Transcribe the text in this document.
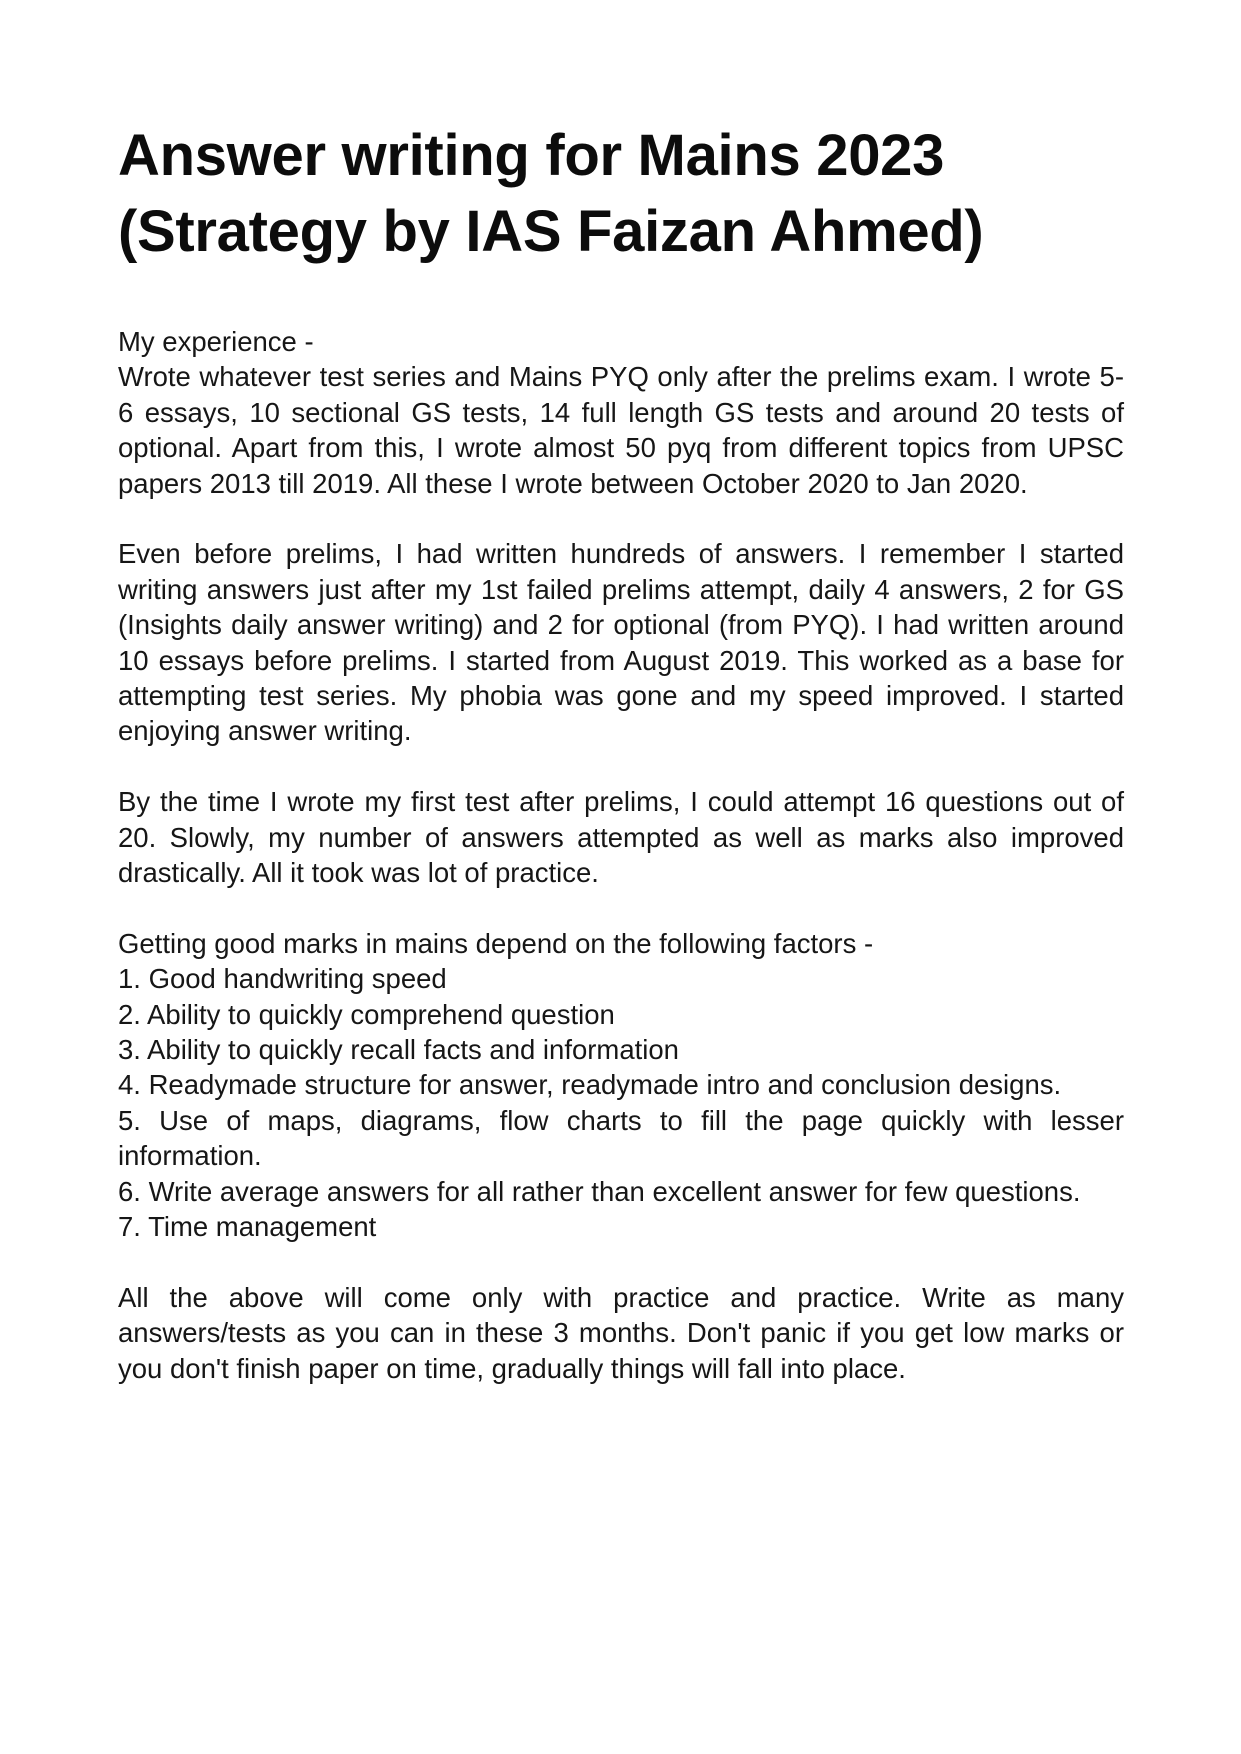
Answer writing for Mains 2023
(Strategy by IAS Faizan Ahmed)

My experience -

Wrote whatever test series and Mains PYQ only after the prelims exam. I wrote 5-6 essays, 10 sectional GS tests, 14 full length GS tests and around 20 tests of optional. Apart from this, I wrote almost 50 pyq from different topics from UPSC papers 2013 till 2019. All these I wrote between October 2020 to Jan 2020.

Even before prelims, I had written hundreds of answers. I remember I started writing answers just after my 1st failed prelims attempt, daily 4 answers, 2 for GS (Insights daily answer writing) and 2 for optional (from PYQ). I had written around 10 essays before prelims. I started from August 2019. This worked as a base for attempting test series. My phobia was gone and my speed improved. I started enjoying answer writing.

By the time I wrote my first test after prelims, I could attempt 16 questions out of 20. Slowly, my number of answers attempted as well as marks also improved drastically. All it took was lot of practice.

Getting good marks in mains depend on the following factors -

1. Good handwriting speed
2. Ability to quickly comprehend question
3. Ability to quickly recall facts and information
4. Readymade structure for answer, readymade intro and conclusion designs.
5. Use of maps, diagrams, flow charts to fill the page quickly with lesser information.
6. Write average answers for all rather than excellent answer for few questions.
7. Time management

All the above will come only with practice and practice. Write as many answers/tests as you can in these 3 months. Don't panic if you get low marks or you don't finish paper on time, gradually things will fall into place.
